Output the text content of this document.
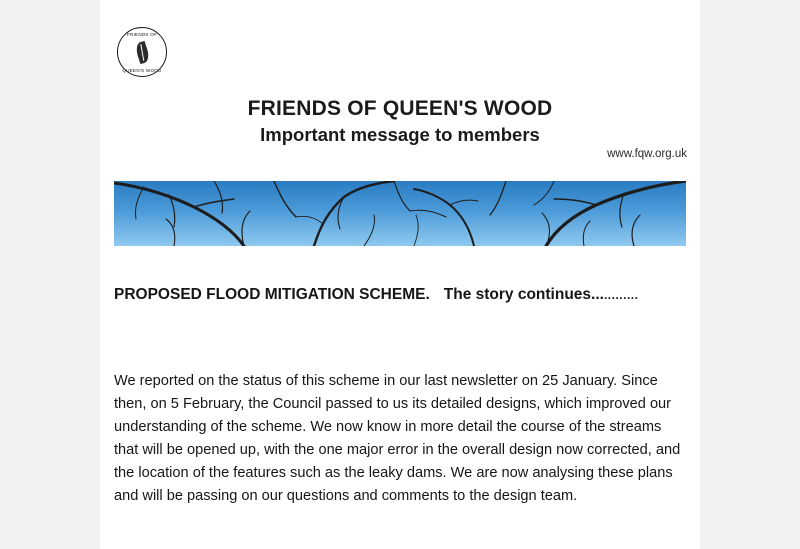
FRIENDS OF
QUEEN'S WOOD
FRIENDS OF QUEEN'S WOOD
Important message to members
www.fqw.org.uk
PROPOSED FLOOD MITIGATION SCHEME. The story continues............
We reported on the status of this scheme in our last newsletter on 25 January. Since then, on 5 February, the Council passed to us its detailed designs, which improved our understanding of the scheme. We now know in more detail the course of the streams that will be opened up, with the one major error in the overall design now corrected, and the location of the features such as the leaky dams. We are now analysing these plans and will be passing on our questions and comments to the design team.
